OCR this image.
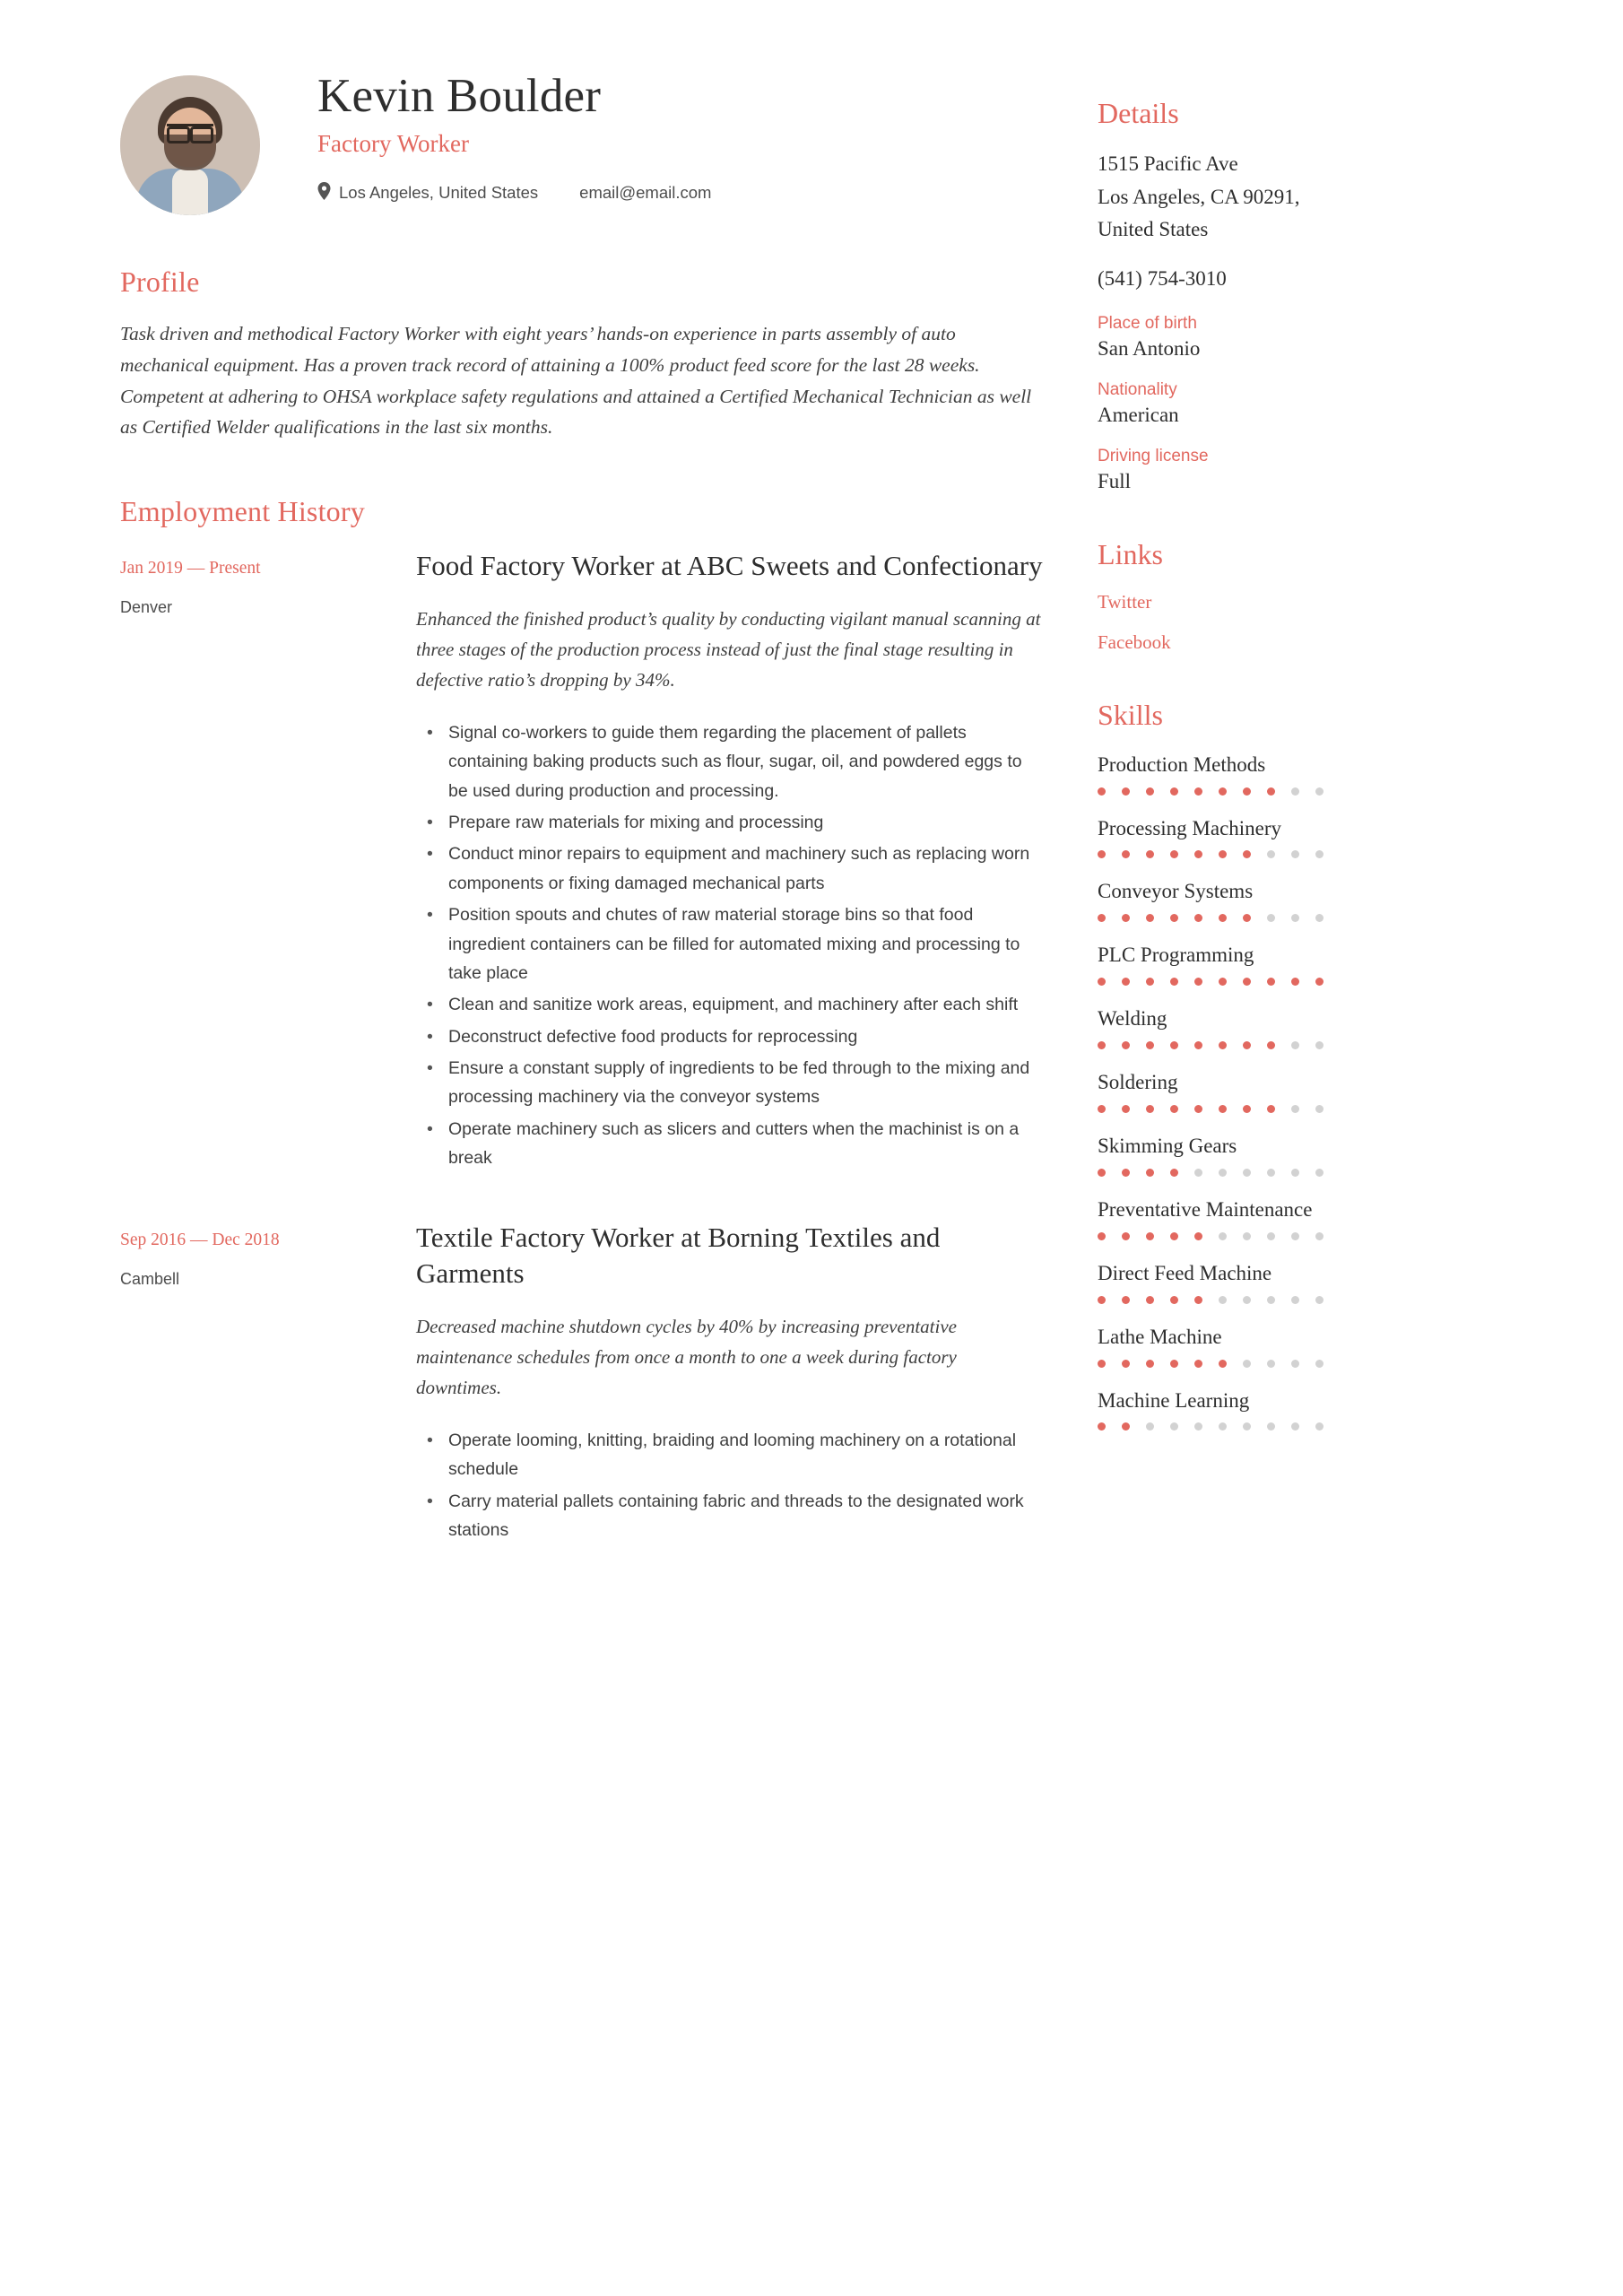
Kevin Boulder
Factory Worker
Los Angeles, United States email@email.com
Profile
Task driven and methodical Factory Worker with eight years’ hands-on experience in parts assembly of auto mechanical equipment. Has a proven track record of attaining a 100% product feed score for the last 28 weeks. Competent at adhering to OHSA workplace safety regulations and attained a Certified Mechanical Technician as well as Certified Welder qualifications in the last six months.
Employment History
Jan 2019 — Present
Denver
Food Factory Worker at ABC Sweets and Confectionary
Enhanced the finished product’s quality by conducting vigilant manual scanning at three stages of the production process instead of just the final stage resulting in defective ratio’s dropping by 34%.
• Signal co-workers to guide them regarding the placement of pallets containing baking products such as flour, sugar, oil, and powdered eggs to be used during production and processing.
• Prepare raw materials for mixing and processing
• Conduct minor repairs to equipment and machinery such as replacing worn components or fixing damaged mechanical parts
• Position spouts and chutes of raw material storage bins so that food ingredient containers can be filled for automated mixing and processing to take place
• Clean and sanitize work areas, equipment, and machinery after each shift
• Deconstruct defective food products for reprocessing
• Ensure a constant supply of ingredients to be fed through to the mixing and processing machinery via the conveyor systems
• Operate machinery such as slicers and cutters when the machinist is on a break
Sep 2016 — Dec 2018
Cambell
Textile Factory Worker at Borning Textiles and Garments
Decreased machine shutdown cycles by 40% by increasing preventative maintenance schedules from once a month to one a week during factory downtimes.
• Operate looming, knitting, braiding and looming machinery on a rotational schedule
• Carry material pallets containing fabric and threads to the designated work stations
Details
1515 Pacific Ave
Los Angeles, CA 90291,
United States
(541) 754-3010
Place of birth
San Antonio
Nationality
American
Driving license
Full
Links
Twitter
Facebook
Skills
Production Methods
Processing Machinery
Conveyor Systems
PLC Programming
Welding
Soldering
Skimming Gears
Preventative Maintenance
Direct Feed Machine
Lathe Machine
Machine Learning
